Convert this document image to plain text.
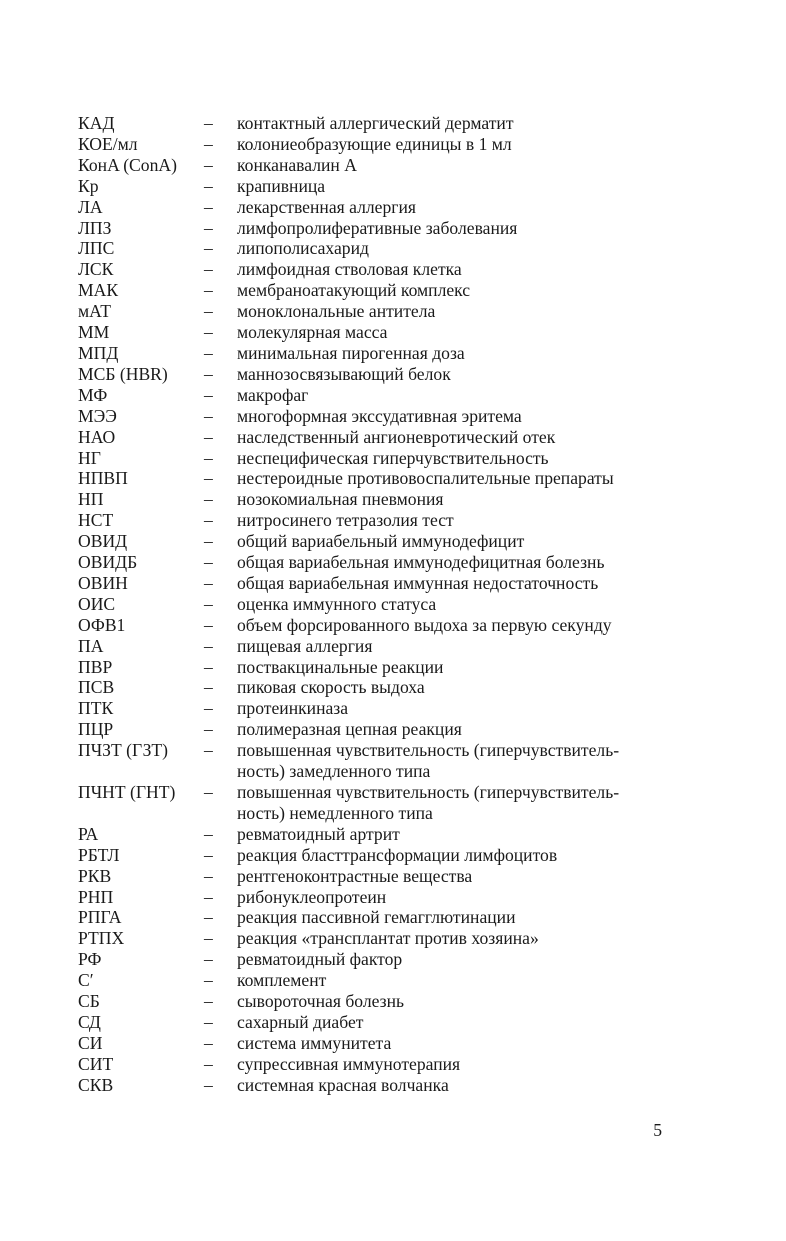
КАД	–	контактный аллергический дерматит
КОЕ/мл	–	колониеобразующие единицы в 1 мл
КонA (ConA)	–	конканавалин A
Кр	–	крапивница
ЛА	–	лекарственная аллергия
ЛПЗ	–	лимфопролиферативные заболевания
ЛПС	–	липополисахарид
ЛСК	–	лимфоидная стволовая клетка
МАК	–	мембраноатакующий комплекс
мАТ	–	моноклональные антитела
ММ	–	молекулярная масса
МПД	–	минимальная пирогенная доза
МСБ (HBR)	–	маннозосвязывающий белок
МФ	–	макрофаг
МЭЭ	–	многоформная экссудативная эритема
НАО	–	наследственный ангионевротический отек
НГ	–	неспецифическая гиперчувствительность
НПВП	–	нестероидные противовоспалительные препараты
НП	–	нозокомиальная пневмония
НСТ	–	нитросинего тетразолия тест
ОВИД	–	общий вариабельный иммунодефицит
ОВИДБ	–	общая вариабельная иммунодефицитная болезнь
ОВИН	–	общая вариабельная иммунная недостаточность
ОИС	–	оценка иммунного статуса
ОФВ1	–	объем форсированного выдоха за первую секунду
ПА	–	пищевая аллергия
ПВР	–	поствакцинальные реакции
ПСВ	–	пиковая скорость выдоха
ПТК	–	протеинкиназа
ПЦР	–	полимеразная цепная реакция
ПЧЗТ (ГЗТ)	–	повышенная чувствительность (гиперчувствитель-
ность) замедленного типа
ПЧНТ (ГНТ)	–	повышенная чувствительность (гиперчувствитель-
ность) немедленного типа
РА	–	ревматоидный артрит
РБТЛ	–	реакция бласттрансформации лимфоцитов
РКВ	–	рентгеноконтрастные вещества
РНП	–	рибонуклеопротеин
РПГА	–	реакция пассивной гемагглютинации
РТПХ	–	реакция «трансплантат против хозяина»
РФ	–	ревматоидный фактор
С′	–	комплемент
СБ	–	сывороточная болезнь
СД	–	сахарный диабет
СИ	–	система иммунитета
СИТ	–	супрессивная иммунотерапия
СКВ	–	системная красная волчанка
5
